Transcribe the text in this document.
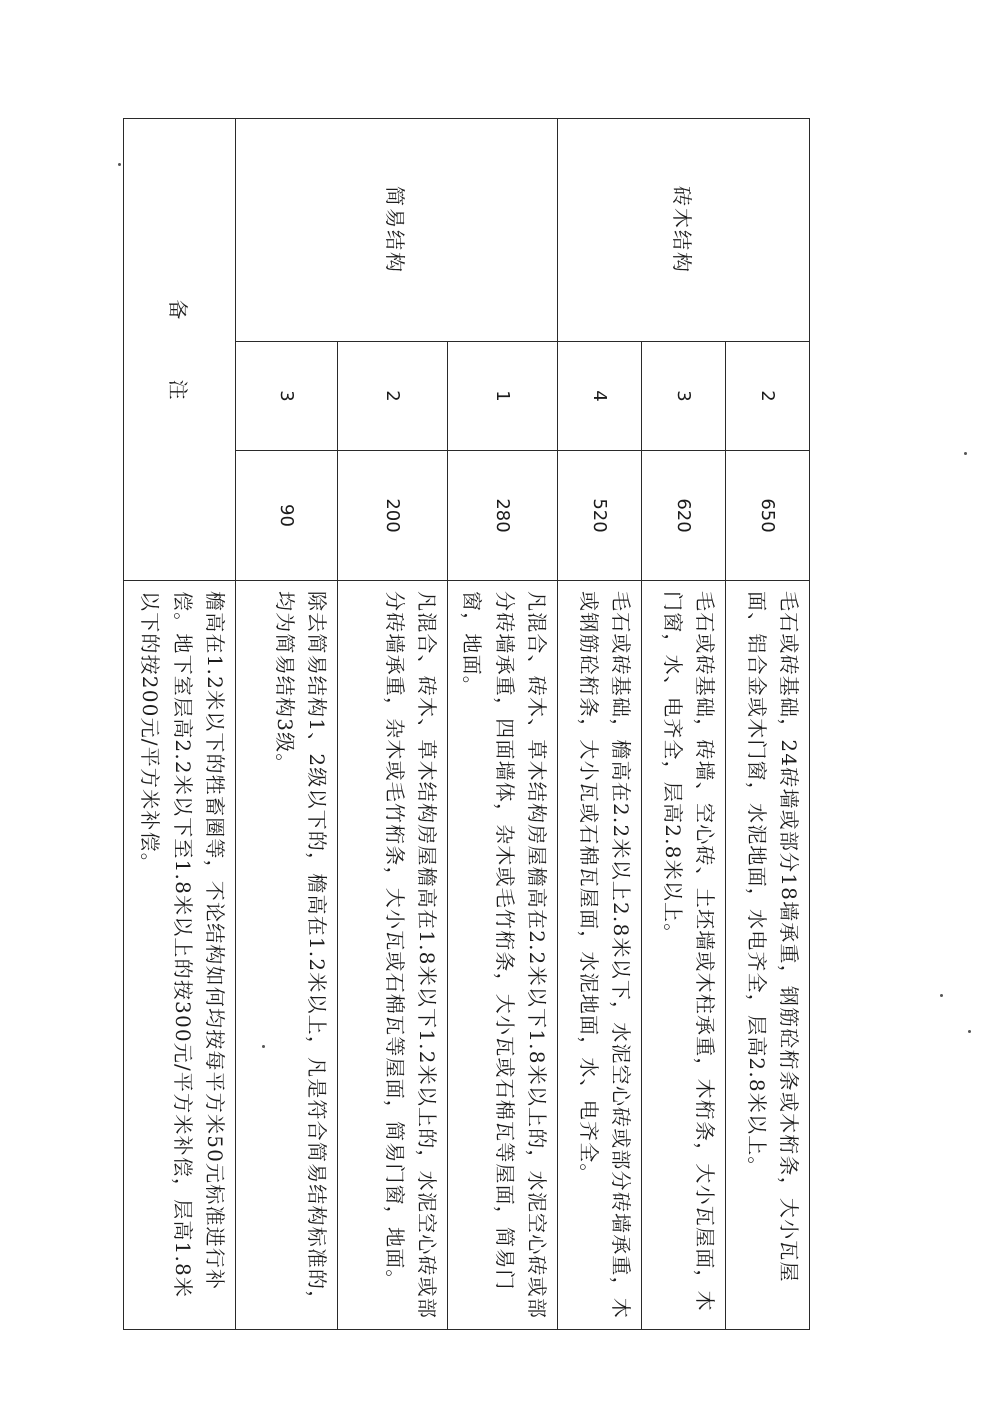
砖木结构	2	650	毛石或砖基础，24砖墙或部分18墙承重，钢筋砼桁条或木桁条，大小瓦屋面、铝合金或木门窗，水泥地面，水电齐全，层高2.8米以上。
	3	620	毛石或砖基础，砖墙、空心砖、土坯墙或木柱承重，木桁条，大小瓦屋面，木门窗，水、电齐全，层高2.8米以上。
	4	520	毛石或砖基础，檐高在2.2米以上2.8米以下，水泥空心砖或部分砖墙承重，木或钢筋砼桁条，大小瓦或石棉瓦屋面，水泥地面，水、电齐全。
简易结构	1	280	凡混合、砖木、草木结构房屋檐高在2.2米以下1.8米以上的，水泥空心砖或部分砖墙承重，四面墙体，杂木或毛竹桁条，大小瓦或石棉瓦等屋面，简易门窗，地面。
	2	200	凡混合、砖木、草木结构房屋檐高在1.8米以下1.2米以上的，水泥空心砖或部分砖墙承重，杂木或毛竹桁条，大小瓦或石棉瓦等屋面，简易门窗，地面。
	3	90	除去简易结构1、2级以下的，檐高在1.2米以上，凡是符合简易结构标准的，均为简易结构3级。
备注			檐高在1.2米以下的牲畜圈等，不论结构如何均按每平方米50元标准进行补偿。地下室层高2.2米以下至1.8米以上的按300元/平方米补偿，层高1.8米以下的按200元/平方米补偿。
